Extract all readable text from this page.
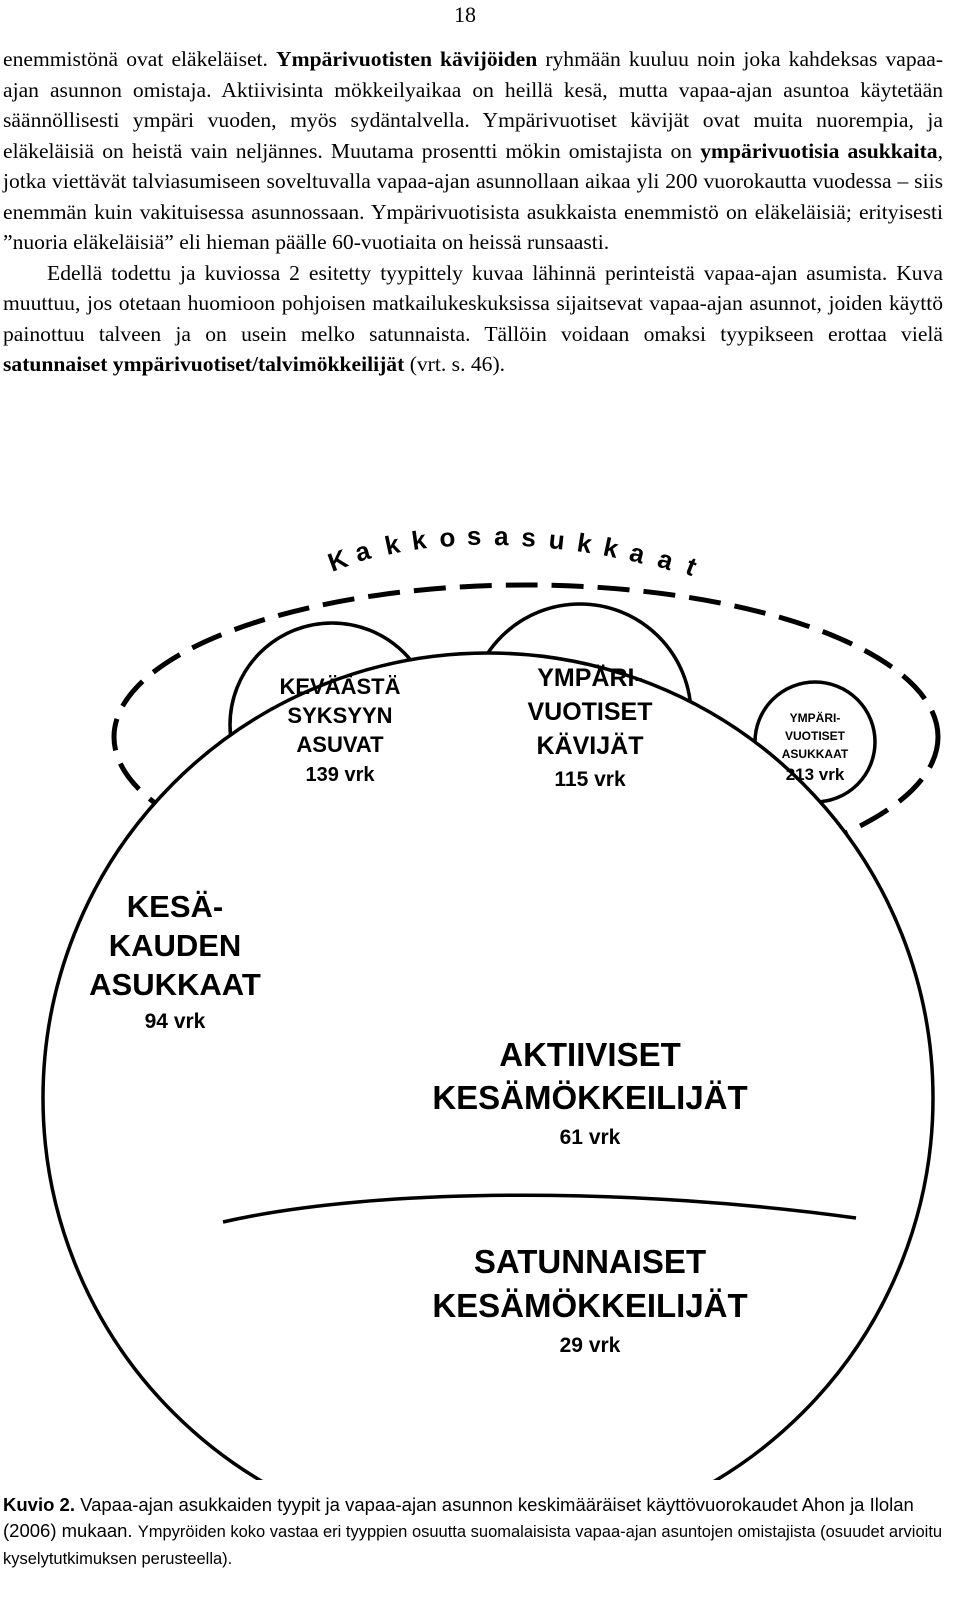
18

enemmistönä ovat eläkeläiset. Ympärivuotisten kävijöiden ryhmään kuuluu noin joka kahdeksas vapaa-ajan asunnon omistaja. Aktiivisinta mökkeilyaikaa on heillä kesä, mutta vapaa-ajan asuntoa käytetään säännöllisesti ympäri vuoden, myös sydäntalvella. Ympärivuotiset kävijät ovat muita nuorempia, ja eläkeläisiä on heistä vain neljännes. Muutama prosentti mökin omistajista on ympärivuotisia asukkaita, jotka viettävät talviasumiseen soveltuvalla vapaa-ajan asunnollaan aikaa yli 200 vuorokautta vuodessa – siis enemmän kuin vakituisessa asunnossaan. Ympärivuotisista asukkaista enemmistö on eläkeläisiä; erityisesti ”nuoria eläkeläisiä” eli hieman päälle 60-vuotiaita on heissä runsaasti.

Edellä todettu ja kuviossa 2 esitetty tyypittely kuvaa lähinnä perinteistä vapaa-ajan asumista. Kuva muuttuu, jos otetaan huomioon pohjoisen matkailukeskuksissa sijaitsevat vapaa-ajan asunnot, joiden käyttö painottuu talveen ja on usein melko satunnaista. Tällöin voidaan omaksi tyypikseen erottaa vielä satunnaiset ympärivuotiset/talvimökkeilijät (vrt. s. 46).

K a k k o s a s u k k a a t
KEVÄÄSTÄ
SYKSYYN
ASUVAT
139 vrk
YMPÄRI-
VUOTISET
KÄVIJÄT
115 vrk
YMPÄRI-
VUOTISET
ASUKKAAT
213 vrk
KESÄ-
KAUDEN
ASUKKAAT
94 vrk
AKTIIVISET
KESÄMÖKKEILIJÄT
61 vrk
SATUNNAISET
KESÄMÖKKEILIJÄT
29 vrk

Kuvio 2. Vapaa-ajan asukkaiden tyypit ja vapaa-ajan asunnon keskimääräiset käyttövuorokaudet Ahon ja Ilolan (2006) mukaan. Ympyröiden koko vastaa eri tyyppien osuutta suomalaisista vapaa-ajan asuntojen omistajista (osuudet arvioitu kyselytutkimuksen perusteella).
